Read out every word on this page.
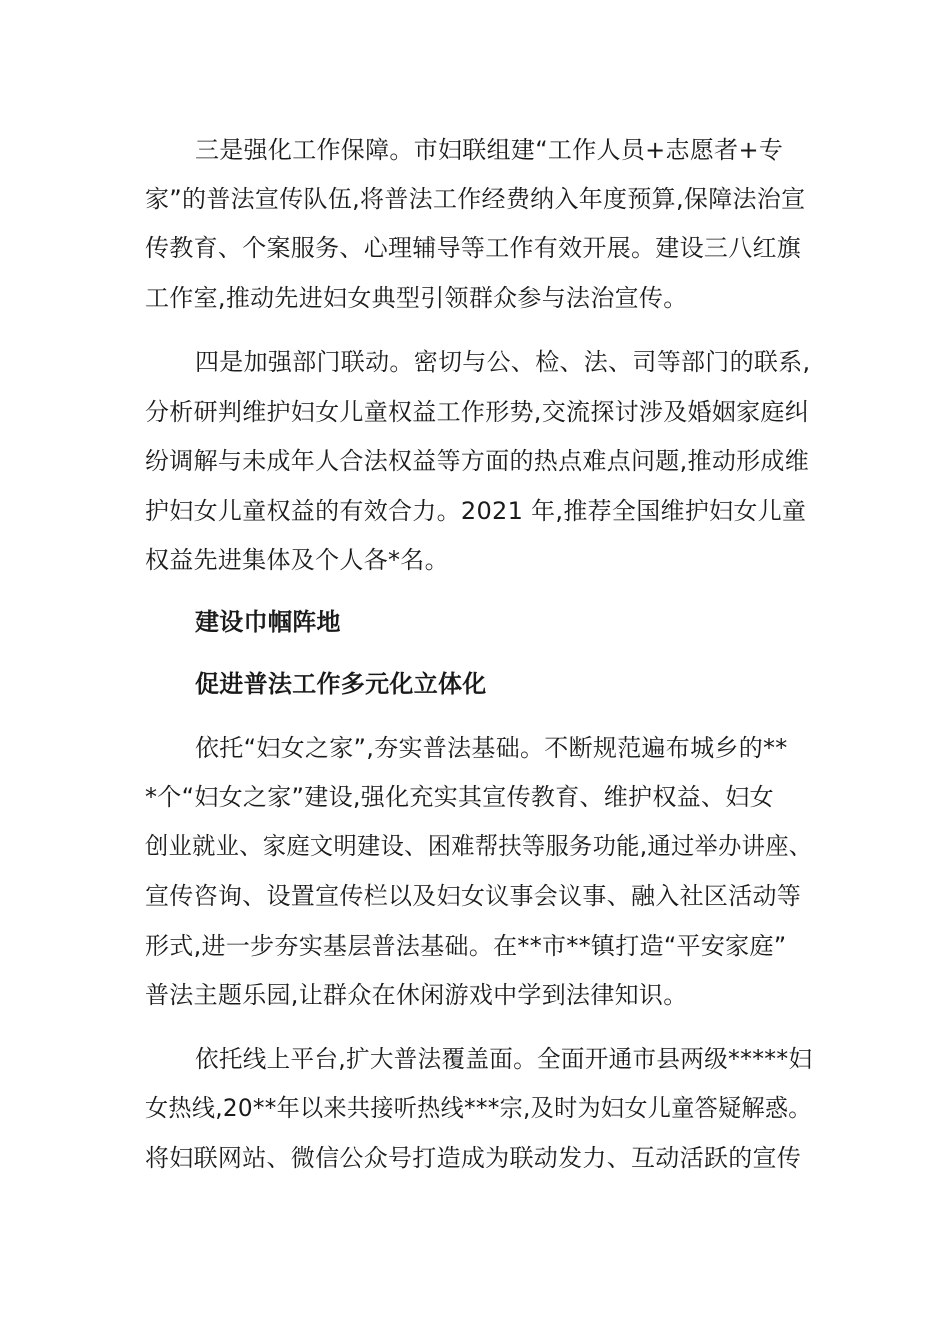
三是强化工作保障。市妇联组建“工作人员+志愿者+专
家”的普法宣传队伍,将普法工作经费纳入年度预算,保障法治宣
传教育、个案服务、心理辅导等工作有效开展。建设三八红旗
工作室,推动先进妇女典型引领群众参与法治宣传。
四是加强部门联动。密切与公、检、法、司等部门的联系,
分析研判维护妇女儿童权益工作形势,交流探讨涉及婚姻家庭纠
纷调解与未成年人合法权益等方面的热点难点问题,推动形成维
护妇女儿童权益的有效合力。2021 年,推荐全国维护妇女儿童
权益先进集体及个人各*名。
建设巾帼阵地
促进普法工作多元化立体化
依托“妇女之家”,夯实普法基础。不断规范遍布城乡的**
*个“妇女之家”建设,强化充实其宣传教育、维护权益、妇女
创业就业、家庭文明建设、困难帮扶等服务功能,通过举办讲座、
宣传咨询、设置宣传栏以及妇女议事会议事、融入社区活动等
形式,进一步夯实基层普法基础。在**市**镇打造“平安家庭”
普法主题乐园,让群众在休闲游戏中学到法律知识。
依托线上平台,扩大普法覆盖面。全面开通市县两级*****妇
女热线,20**年以来共接听热线***宗,及时为妇女儿童答疑解惑。
将妇联网站、微信公众号打造成为联动发力、互动活跃的宣传
